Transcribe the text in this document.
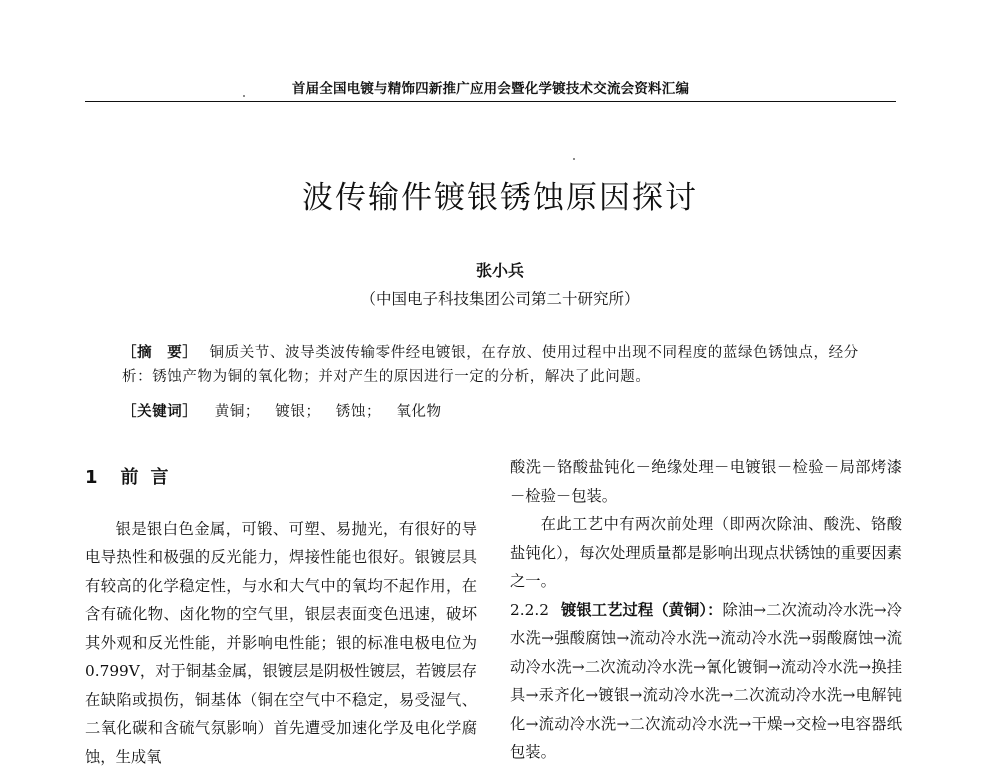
首届全国电镀与精饰四新推广应用会暨化学镀技术交流会资料汇编
波传输件镀银锈蚀原因探讨
张小兵
（中国电子科技集团公司第二十研究所）
［摘　要］ 铜质关节、波导类波传输零件经电镀银，在存放、使用过程中出现不同程度的蓝绿色锈蚀点，经分析：锈蚀产物为铜的氧化物；并对产生的原因进行一定的分析，解决了此问题。
［关键词］ 黄铜； 镀银； 锈蚀； 氧化物

1 前言

银是银白色金属，可锻、可塑、易抛光，有很好的导电导热性和极强的反光能力，焊接性能也很好。银镀层具有较高的化学稳定性，与水和大气中的氧均不起作用，在含有硫化物、卤化物的空气里，银层表面变色迅速，破坏其外观和反光性能，并影响电性能；银的标准电极电位为0.799V，对于铜基金属，银镀层是阴极性镀层，若镀层存在缺陷或损伤，铜基体（铜在空气中不稳定，易受湿气、二氧化碳和含硫气氛影响）首先遭受加速化学及电化学腐蚀，生成氧

酸洗－铬酸盐钝化－绝缘处理－电镀银－检验－局部烤漆－检验－包装。

在此工艺中有两次前处理（即两次除油、酸洗、铬酸盐钝化），每次处理质量都是影响出现点状锈蚀的重要因素之一。

2.2.2 镀银工艺过程（黄铜）：除油→二次流动冷水洗→冷水洗→强酸腐蚀→流动冷水洗→流动冷水洗→弱酸腐蚀→流动冷水洗→二次流动冷水洗→氰化镀铜→流动冷水洗→换挂具→汞齐化→镀银→流动冷水洗→二次流动冷水洗→电解钝化→流动冷水洗→二次流动冷水洗→干燥→交检→电容器纸包装。
